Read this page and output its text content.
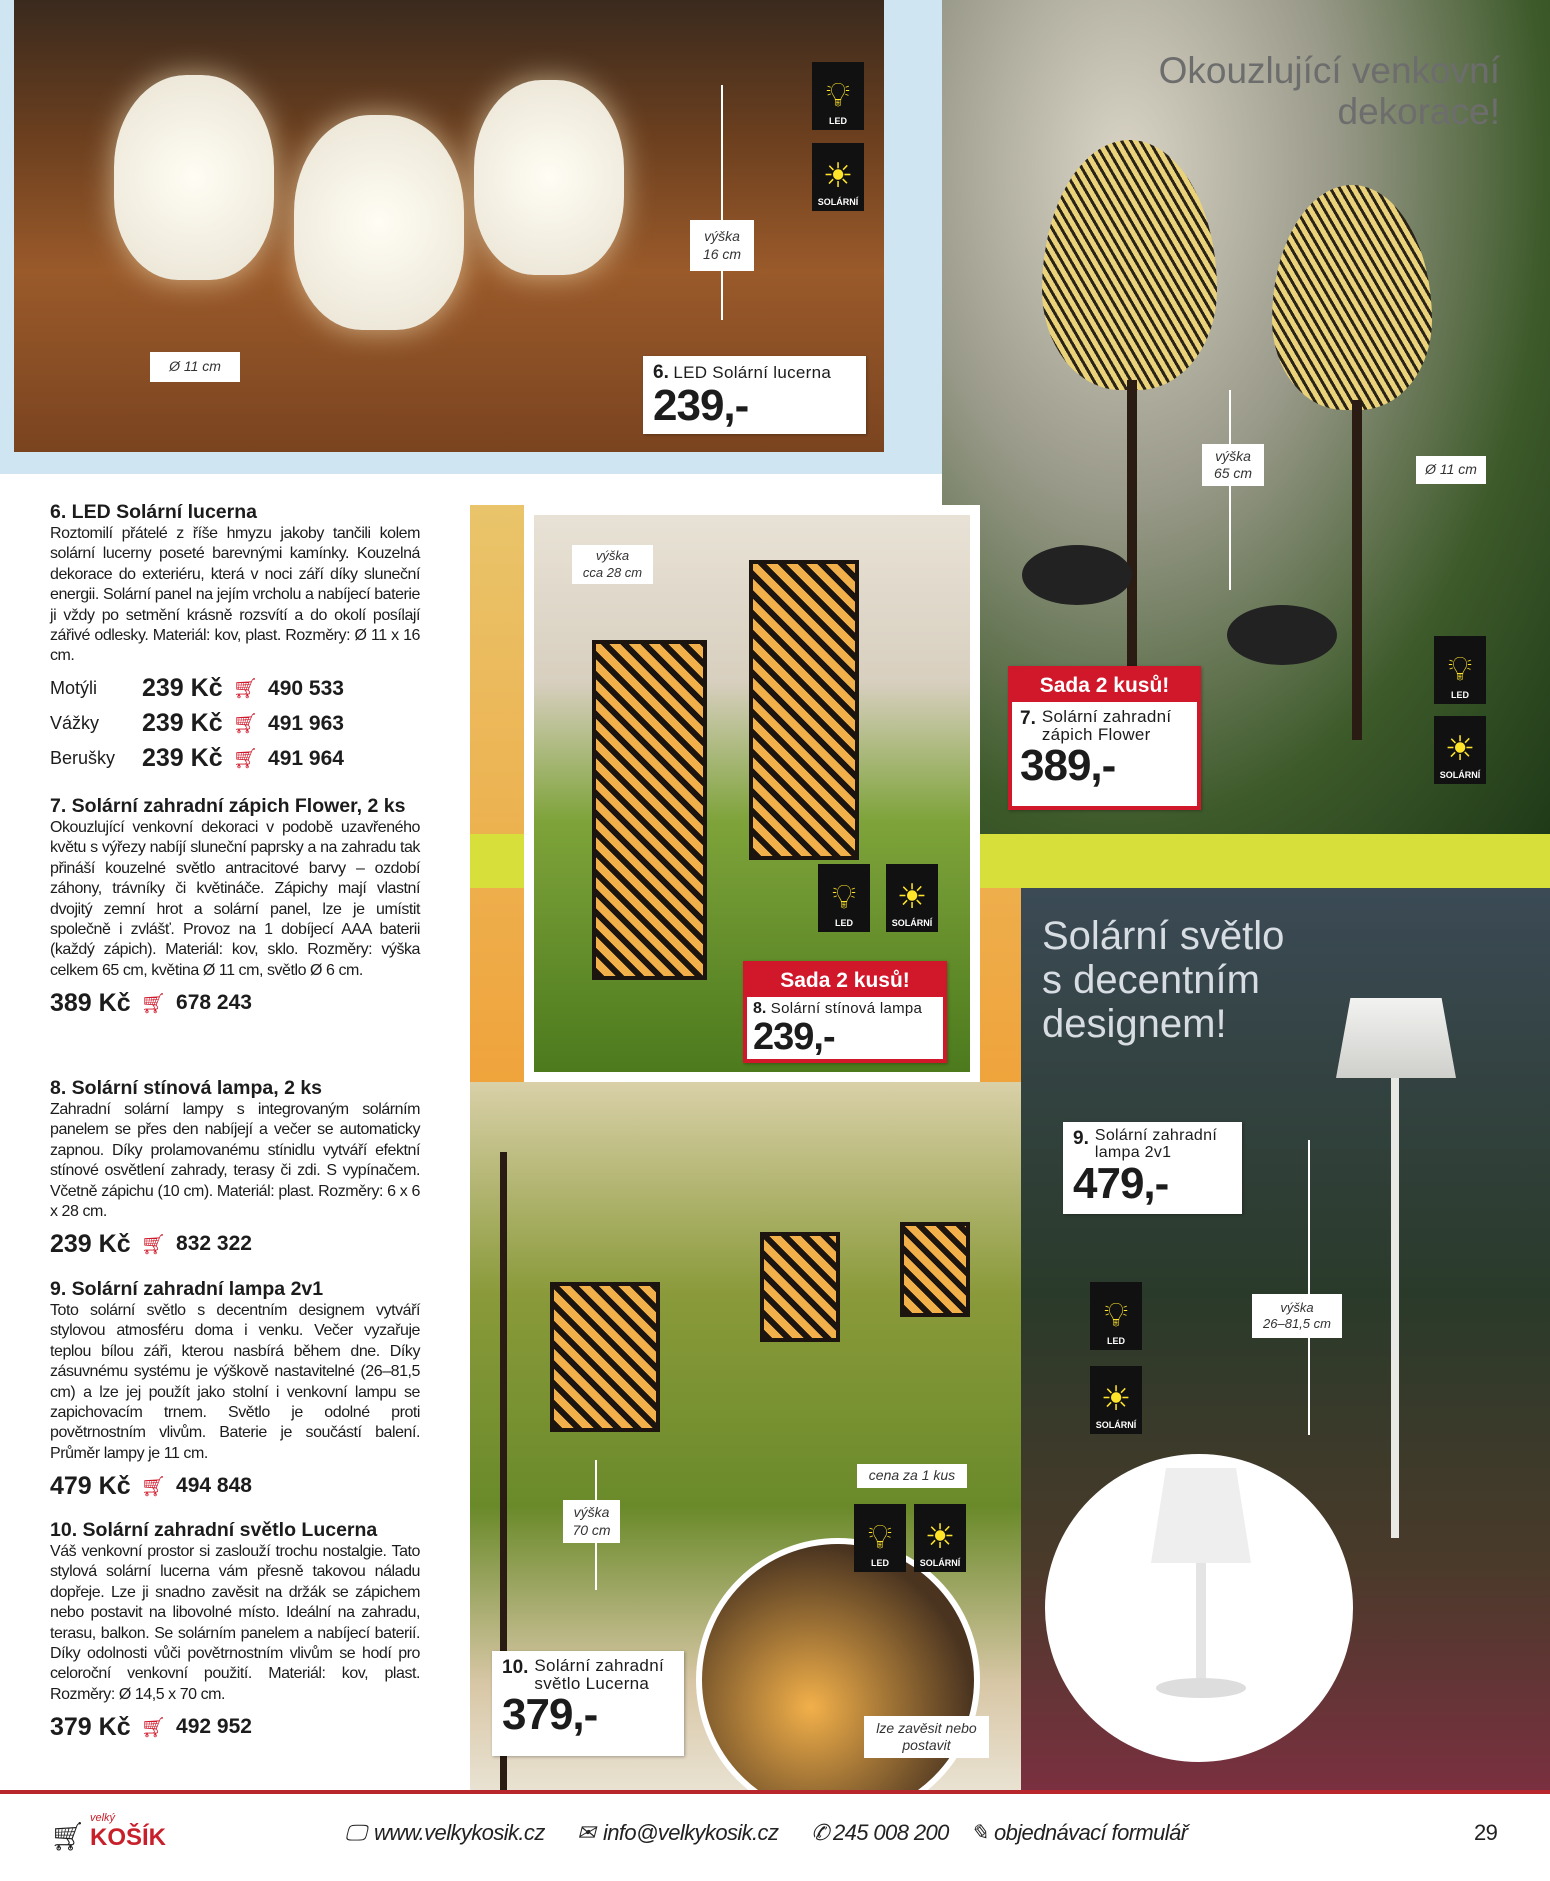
výška
16 cm
Ø 11 cm
💡︎
LED
☀
SOLÁRNÍ
6. LED Solární lucerna
239,-
Okouzlující venkovní
dekorace!
výška
65 cm	Ø 11 cm
💡︎
LED
☀
SOLÁRNÍ
Sada 2 kusů!
7. Solární zahradní
zápich Flower
389,-
výška
cca 28 cm
💡︎
LED
☀
SOLÁRNÍ
Sada 2 kusů!
8. Solární stínová lampa
239,-
výška
70 cm
cena za 1 kus
💡︎
LED
☀
SOLÁRNÍ
lze zavěsit nebo
postavit
10. Solární zahradní
světlo Lucerna
379,-
Solární světlo
s decentním
designem!
výška
26–81,5 cm
💡︎
LED
☀
SOLÁRNÍ
9. Solární zahradní
lampa 2v1
479,-
6. LED Solární lucerna

Roztomilí přátelé z říše hmyzu jakoby tančili kolem solární lucerny poseté barevnými kamínky. Kouzelná dekorace do exteriéru, která v noci září díky sluneční energii. Solární panel na jejím vrcholu a nabíjecí baterie ji vždy po setmění krásně rozsvítí a do okolí posílají zářivé odlesky. Materiál: kov, plast. Rozměry: Ø 11 x 16 cm.

Motýli	239 Kč 🛒︎ 490 533
Vážky	239 Kč 🛒︎ 491 963
Berušky	239 Kč 🛒︎ 491 964
7. Solární zahradní zápich Flower, 2 ks

Okouzlující venkovní dekoraci v podobě uzavřeného květu s výřezy nabíjí sluneční paprsky a na zahradu tak přináší kouzelné světlo antracitové barvy – ozdobí záhony, trávníky či květináče. Zápichy mají vlastní dvojitý zemní hrot a solární panel, lze je umístit společně i zvlášť. Provoz na 1 dobíjecí AAA baterii (každý zápich). Materiál: kov, sklo. Rozměry: výška celkem 65 cm, květina Ø 11 cm, světlo Ø 6 cm.

389 Kč 🛒︎ 678 243
8. Solární stínová lampa, 2 ks

Zahradní solární lampy s integrovaným solárním panelem se přes den nabíjejí a večer se automaticky zapnou. Díky prolamovanému stínidlu vytváří efektní stínové osvětlení zahrady, terasy či zdi. S vypínačem. Včetně zápichu (10 cm). Materiál: plast. Rozměry: 6 x 6 x 28 cm.

239 Kč 🛒︎ 832 322
9. Solární zahradní lampa 2v1

Toto solární světlo s decentním designem vytváří stylovou atmosféru doma i venku. Večer vyzařuje teplou bílou záři, kterou nasbírá během dne. Díky zásuvnému systému je výškově nastavitelné (26–81,5 cm) a lze jej použít jako stolní i venkovní lampu se zapichovacím trnem. Světlo je odolné proti povětrnostním vlivům. Baterie je součástí balení. Průměr lampy je 11 cm.

479 Kč 🛒︎ 494 848
10. Solární zahradní světlo Lucerna

Váš venkovní prostor si zaslouží trochu nostalgie. Tato stylová solární lucerna vám přesně takovou náladu dopřeje. Lze ji snadno zavěsit na držák se zápichem nebo postavit na libovolné místo. Ideální na zahradu, terasu, balkon. Se solárním panelem a nabíjecí baterií. Díky odolnosti vůči povětrnostním vlivům se hodí pro celoroční venkovní použití. Materiál: kov, plast. Rozměry: Ø 14,5 x 70 cm.

379 Kč 🛒︎ 492 952
🛒︎
velký
KOŠÍK	🖵︎ www.velkykosik.cz ✉ info@velkykosik.cz ✆ 245 008 200 ✎ objednávací formulář	29
